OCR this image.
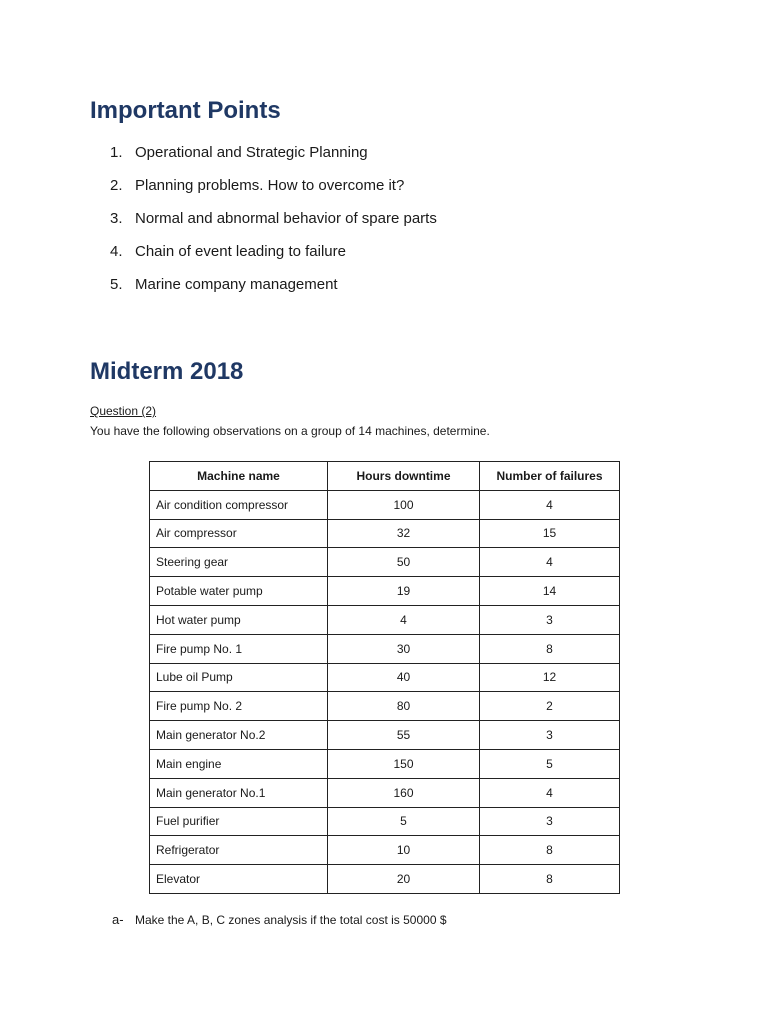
Important Points
1. Operational and Strategic Planning
2. Planning problems. How to overcome it?
3. Normal and abnormal behavior of spare parts
4. Chain of event leading to failure
5. Marine company management
Midterm 2018
Question (2)
You have the following observations on a group of 14 machines, determine.
Machine name	Hours downtime	Number of failures
Air condition compressor	100	4
Air compressor	32	15
Steering gear	50	4
Potable water pump	19	14
Hot water pump	4	3
Fire pump No. 1	30	8
Lube oil Pump	40	12
Fire pump No. 2	80	2
Main generator No.2	55	3
Main engine	150	5
Main generator No.1	160	4
Fuel purifier	5	3
Refrigerator	10	8
Elevator	20	8
a- Make the A, B, C zones analysis if the total cost is 50000 $
